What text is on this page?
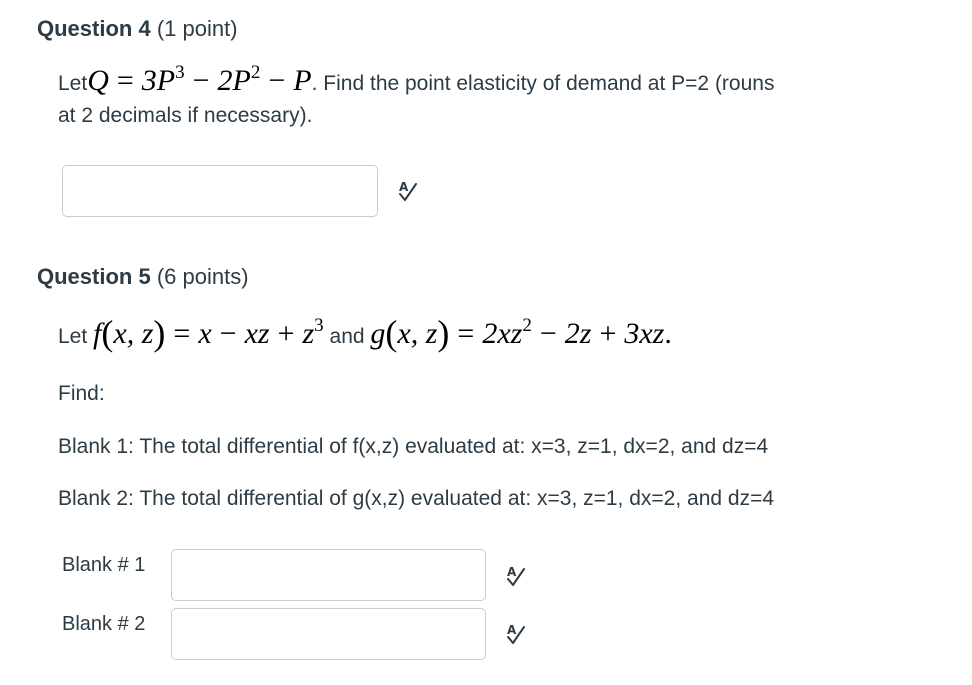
Question 4 (1 point)
LetQ = $3P^3 - 2P^2 - P$. Find the point elasticity of demand at P=2 (rouns
at 2 decimals if necessary).
A
Question 5 (6 points)
Let f(x, z) = x − xz + $z^3$ and g(x, $z) = 2xz^2 - 2z + 3xz$.
Find:
Blank 1: The total differential of f(x,z) evaluated at: x=3, z=1, dx=2, and dz=4
Blank 2: The total differential of g(x,z) evaluated at: x=3, z=1, dx=2, and dz=4
Blank # 1	A
Blank # 2	A
